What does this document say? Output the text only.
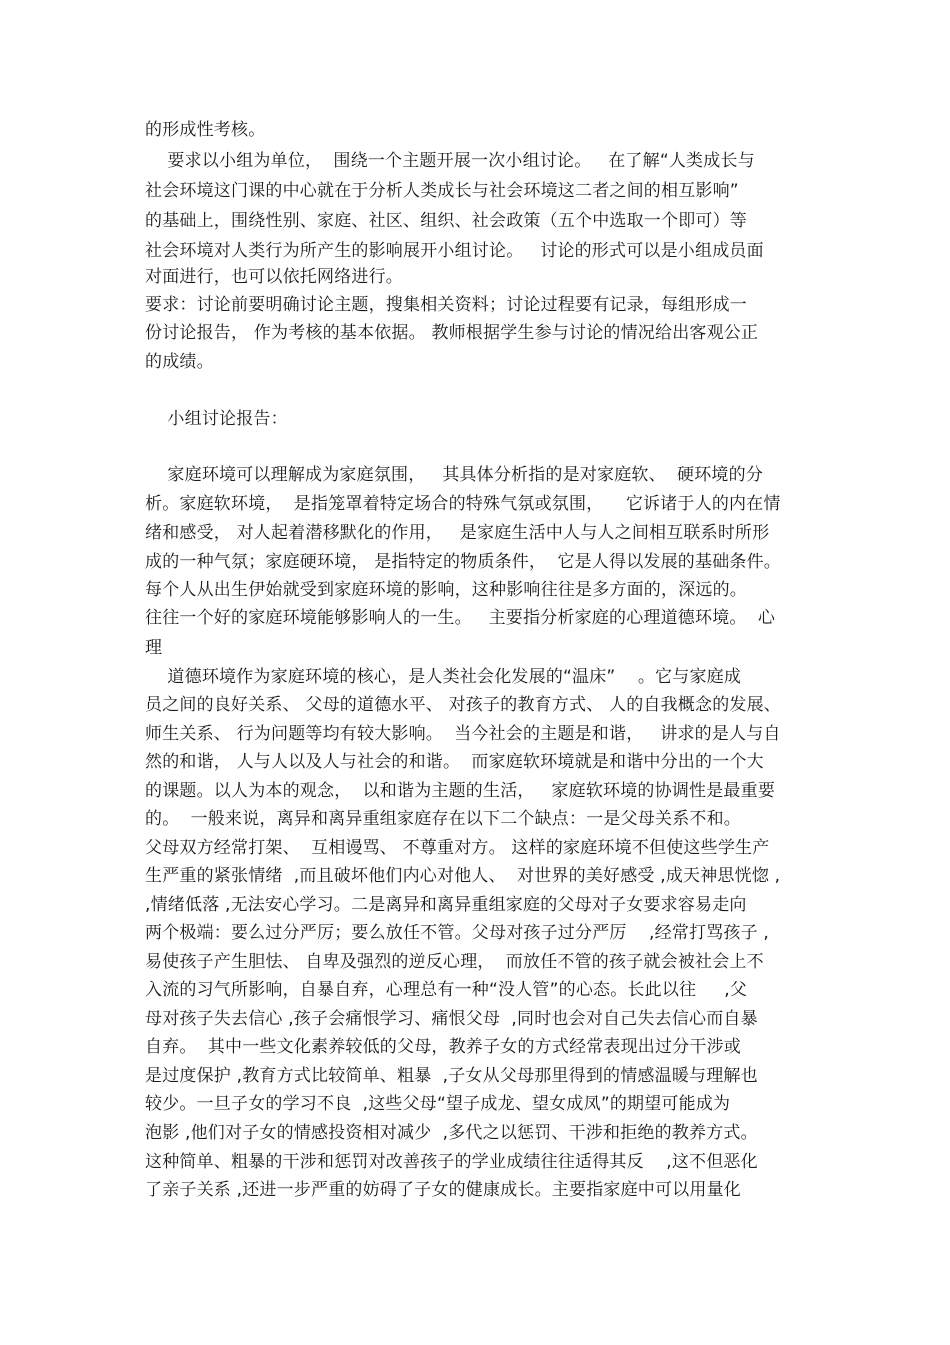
的形成性考核。
要求以小组为单位，  围绕一个主题开展一次小组讨论。   在了解“人类成长与
社会环境这门课的中心就在于分析人类成长与社会环境这二者之间的相互影响”
的基础上，围绕性别、家庭、社区、组织、社会政策（五个中选取一个即可）等
社会环境对人类行为所产生的影响展开小组讨论。   讨论的形式可以是小组成员面
对面进行，也可以依托网络进行。
要求：讨论前要明确讨论主题，搜集相关资料；讨论过程要有记录，每组形成一
份讨论报告， 作为考核的基本依据。 教师根据学生参与讨论的情况给出客观公正
的成绩。
小组讨论报告：
家庭环境可以理解成为家庭氛围，   其具体分析指的是对家庭软、  硬环境的分
析。家庭软环境，  是指笼罩着特定场合的特殊气氛或氛围，    它诉诸于人的内在情
绪和感受， 对人起着潜移默化的作用，   是家庭生活中人与人之间相互联系时所形
成的一种气氛；家庭硬环境， 是指特定的物质条件，  它是人得以发展的基础条件。
每个人从出生伊始就受到家庭环境的影响，这种影响往往是多方面的，深远的。
往往一个好的家庭环境能够影响人的一生。   主要指分析家庭的心理道德环境。  心
理
道德环境作为家庭环境的核心，是人类社会化发展的“温床”    。它与家庭成
员之间的良好关系、 父母的道德水平、 对孩子的教育方式、 人的自我概念的发展、
师生关系、 行为问题等均有较大影响。  当今社会的主题是和谐，   讲求的是人与自
然的和谐， 人与人以及人与社会的和谐。  而家庭软环境就是和谐中分出的一个大
的课题。以人为本的观念，  以和谐为主题的生活，   家庭软环境的协调性是最重要
的。  一般来说，离异和离异重组家庭存在以下二个缺点：一是父母关系不和。
父母双方经常打架、  互相谩骂、 不尊重对方。 这样的家庭环境不但使这些学生产
生严重的紧张情绪  ,而且破坏他们内心对他人、  对世界的美好感受 ,成天神思恍惚 ,
,情绪低落 ,无法安心学习。二是离异和离异重组家庭的父母对子女要求容易走向
两个极端：要么过分严厉；要么放任不管。父母对孩子过分严厉    ,经常打骂孩子 ,
易使孩子产生胆怯、 自卑及强烈的逆反心理，  而放任不管的孩子就会被社会上不
入流的习气所影响，自暴自弃，心理总有一种“没人管”的心态。长此以往     ,父
母对孩子失去信心 ,孩子会痛恨学习、痛恨父母  ,同时也会对自己失去信心而自暴
自弃。  其中一些文化素养较低的父母，教养子女的方式经常表现出过分干涉或
是过度保护 ,教育方式比较简单、粗暴  ,子女从父母那里得到的情感温暖与理解也
较少。一旦子女的学习不良  ,这些父母“望子成龙、望女成凤”的期望可能成为
泡影 ,他们对子女的情感投资相对减少  ,多代之以惩罚、干涉和拒绝的教养方式。
这种简单、粗暴的干涉和惩罚对改善孩子的学业成绩往往适得其反    ,这不但恶化
了亲子关系 ,还进一步严重的妨碍了子女的健康成长。主要指家庭中可以用量化
